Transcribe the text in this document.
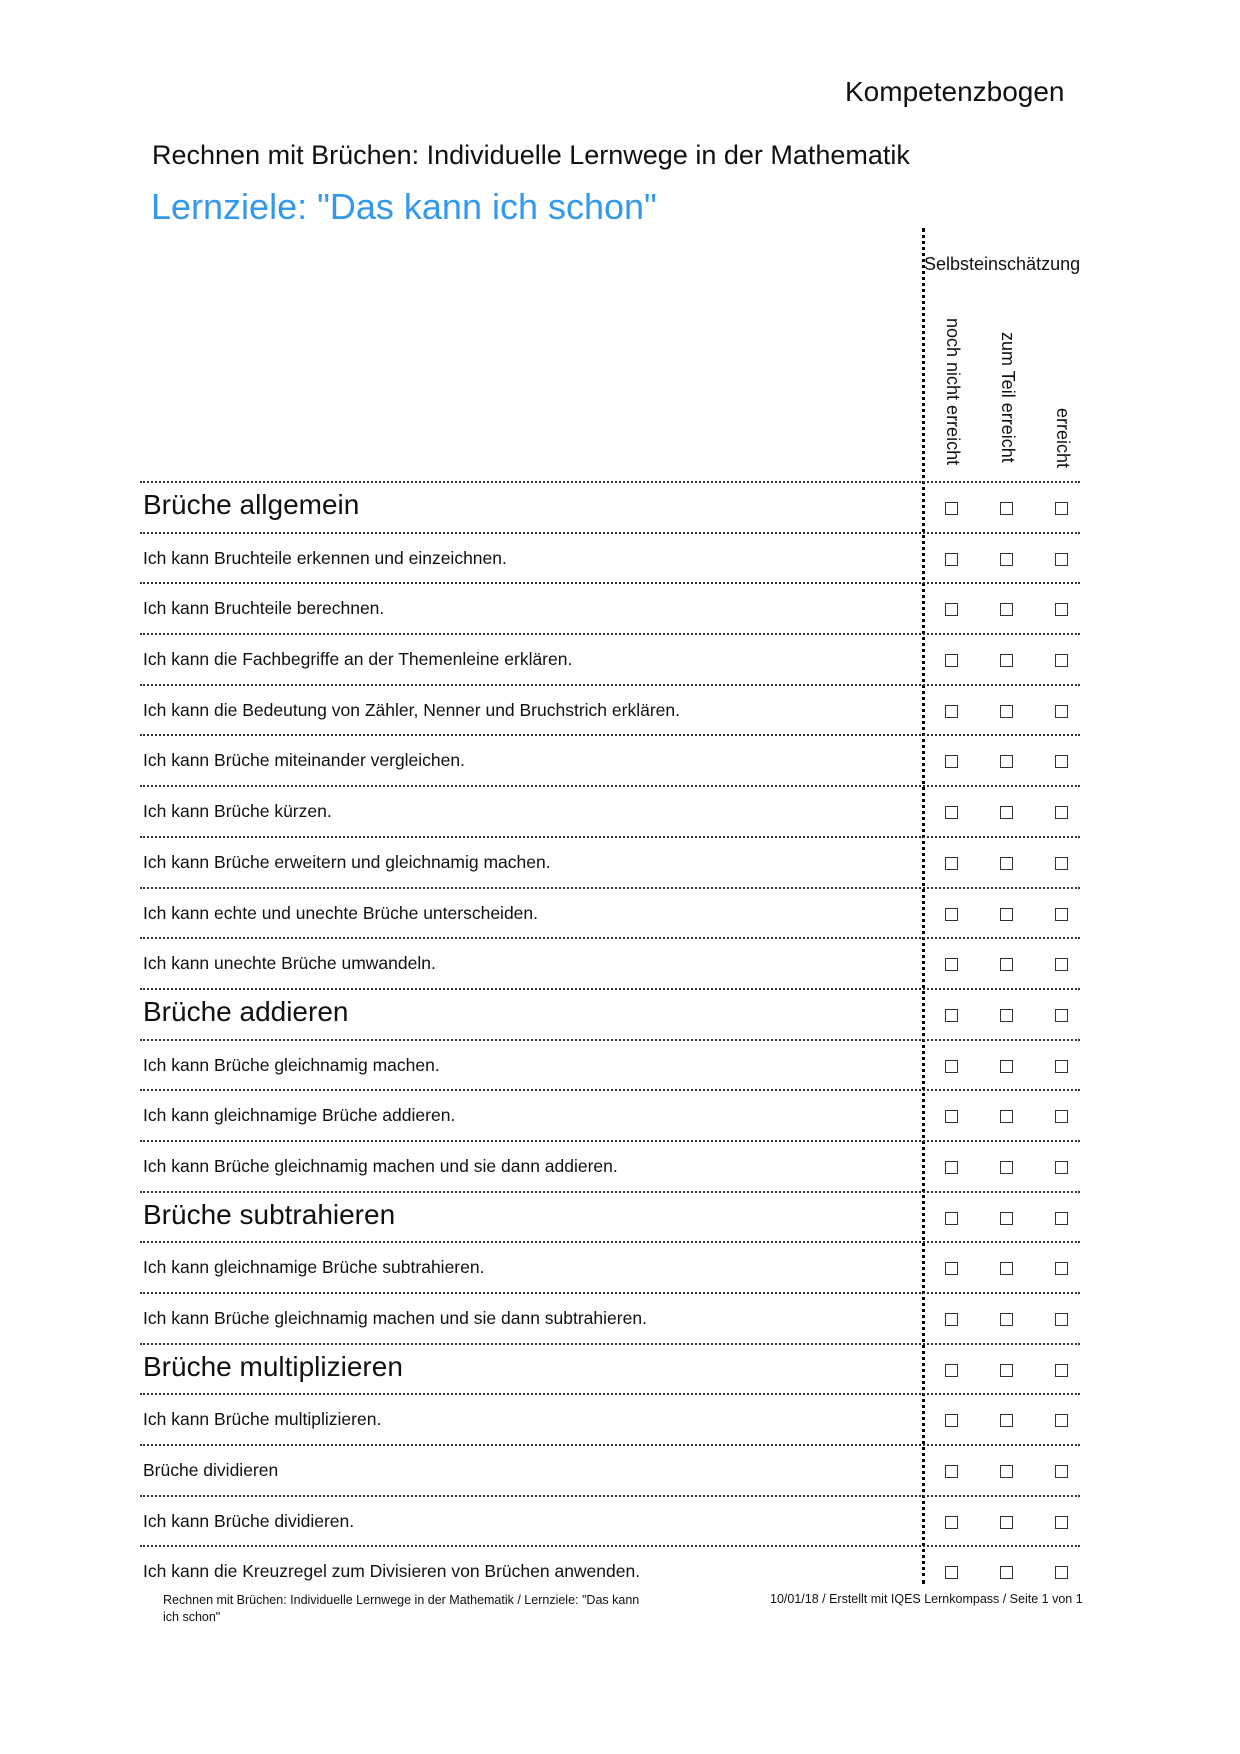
Kompetenzbogen
Rechnen mit Brüchen: Individuelle Lernwege in der Mathematik
Lernziele: "Das kann ich schon"
Selbsteinschätzung
noch nicht erreicht zum Teil erreicht erreicht
Brüche allgemein
Ich kann Bruchteile erkennen und einzeichnen.
Ich kann Bruchteile berechnen.
Ich kann die Fachbegriffe an der Themenleine erklären.
Ich kann die Bedeutung von Zähler, Nenner und Bruchstrich erklären.
Ich kann Brüche miteinander vergleichen.
Ich kann Brüche kürzen.
Ich kann Brüche erweitern und gleichnamig machen.
Ich kann echte und unechte Brüche unterscheiden.
Ich kann unechte Brüche umwandeln.
Brüche addieren
Ich kann Brüche gleichnamig machen.
Ich kann gleichnamige Brüche addieren.
Ich kann Brüche gleichnamig machen und sie dann addieren.
Brüche subtrahieren
Ich kann gleichnamige Brüche subtrahieren.
Ich kann Brüche gleichnamig machen und sie dann subtrahieren.
Brüche multiplizieren
Ich kann Brüche multiplizieren.
Brüche dividieren
Ich kann Brüche dividieren.
Ich kann die Kreuzregel zum Divisieren von Brüchen anwenden.
Rechnen mit Brüchen: Individuelle Lernwege in der Mathematik / Lernziele: "Das kann ich schon"
10/01/18 / Erstellt mit IQES Lernkompass / Seite 1 von 1
